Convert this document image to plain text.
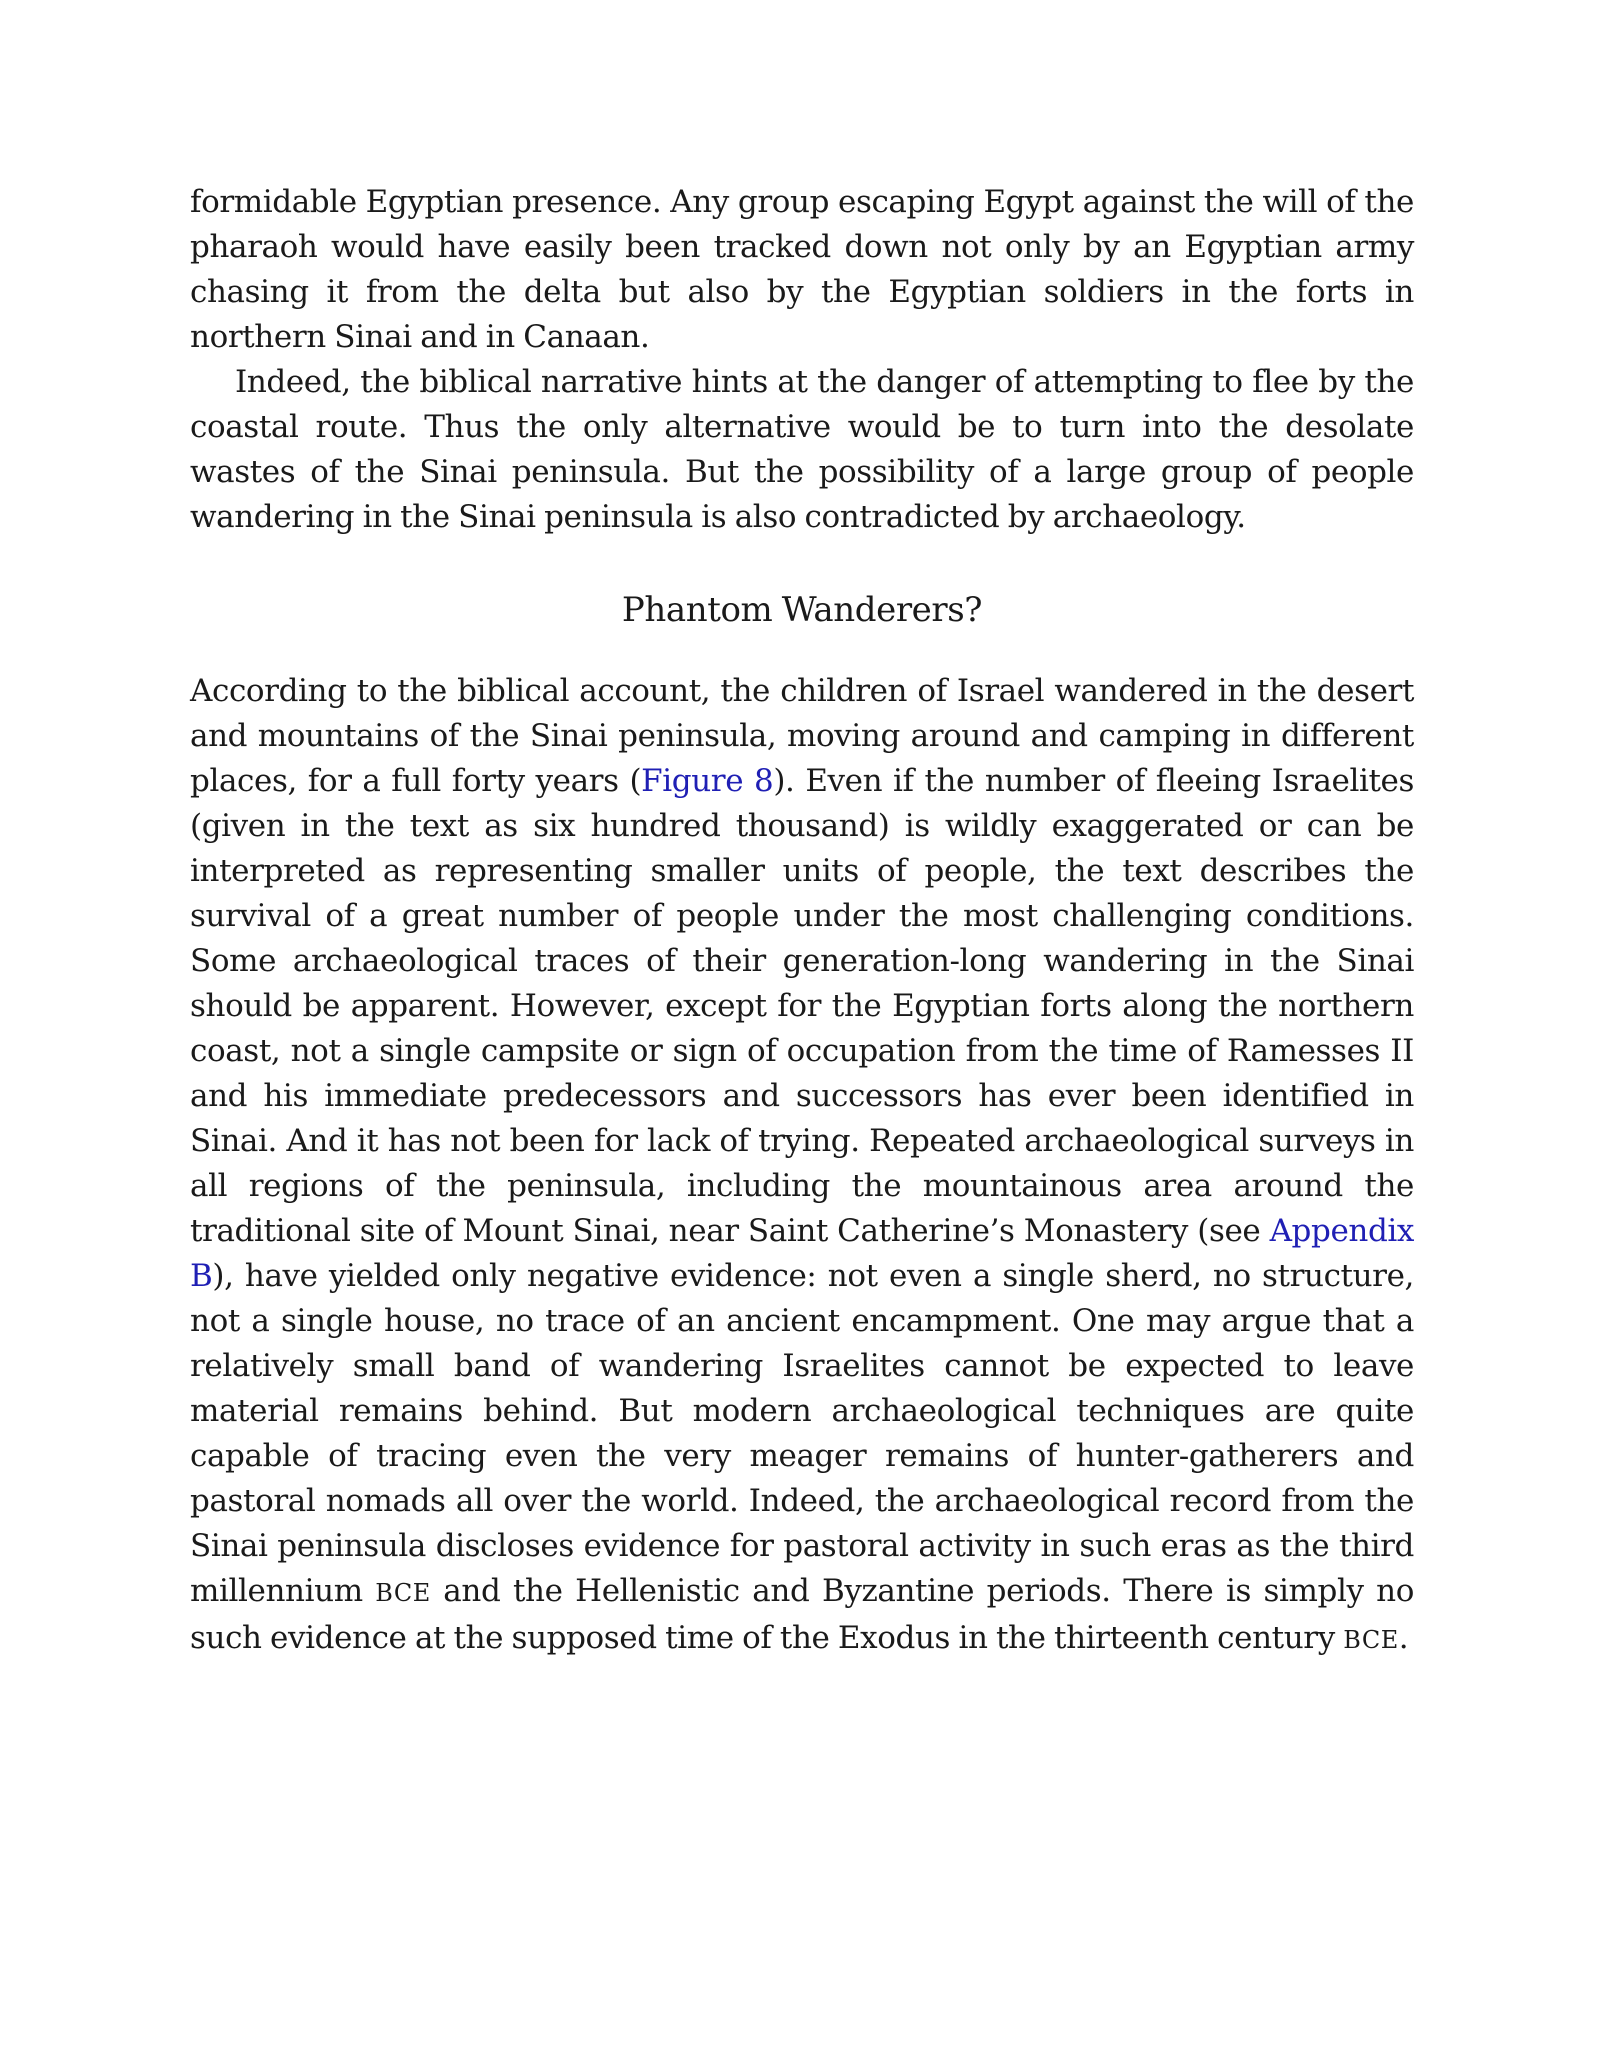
formidable Egyptian presence. Any group escaping Egypt against the will of the pharaoh would have easily been tracked down not only by an Egyptian army chasing it from the delta but also by the Egyptian soldiers in the forts in northern Sinai and in Canaan.

Indeed, the biblical narrative hints at the danger of attempting to flee by the coastal route. Thus the only alternative would be to turn into the desolate wastes of the Sinai peninsula. But the possibility of a large group of people wandering in the Sinai peninsula is also contradicted by archaeology.

Phantom Wanderers?

According to the biblical account, the children of Israel wandered in the desert and mountains of the Sinai peninsula, moving around and camping in different places, for a full forty years (Figure 8). Even if the number of fleeing Israelites (given in the text as six hundred thousand) is wildly exaggerated or can be interpreted as representing smaller units of people, the text describes the survival of a great number of people under the most challenging conditions. Some archaeological traces of their generation-long wandering in the Sinai should be apparent. However, except for the Egyptian forts along the northern coast, not a single campsite or sign of occupation from the time of Ramesses II and his immediate predecessors and successors has ever been identified in Sinai. And it has not been for lack of trying. Repeated archaeological surveys in all regions of the peninsula, including the mountainous area around the traditional site of Mount Sinai, near Saint Catherine’s Monastery (see Appendix B), have yielded only negative evidence: not even a single sherd, no structure, not a single house, no trace of an ancient encampment. One may argue that a relatively small band of wandering Israelites cannot be expected to leave material remains behind. But modern archaeological techniques are quite capable of tracing even the very meager remains of hunter-gatherers and pastoral nomads all over the world. Indeed, the archaeological record from the Sinai peninsula discloses evidence for pastoral activity in such eras as the third millennium BCE and the Hellenistic and Byzantine periods. There is simply no such evidence at the supposed time of the Exodus in the thirteenth century BCE.
